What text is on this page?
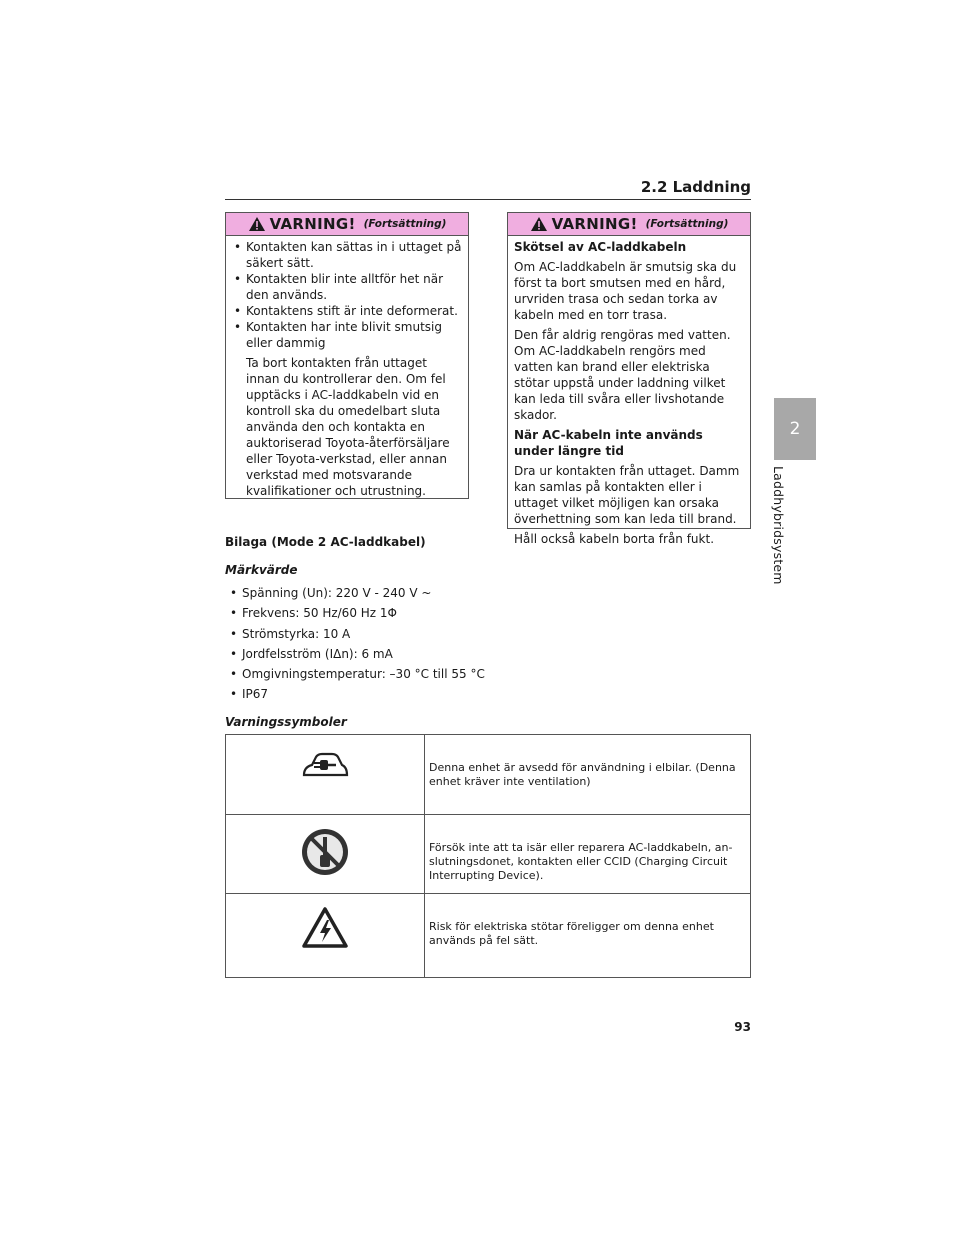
2.2 Laddning
2
Laddhybridsystem
VARNING! (Fortsättning)
• Kontakten kan sättas in i uttaget på säkert sätt.
• Kontakten blir inte alltför het när den används.
• Kontaktens stift är inte deformerat.
• Kontakten har inte blivit smutsig eller dammig
Ta bort kontakten från uttaget innan du kontrollerar den. Om fel upptäcks i AC-laddkabeln vid en kontroll ska du omedelbart sluta använda den och kontakta en auktoriserad Toyota-återförsäljare eller Toyota-verkstad, eller annan verkstad med motsvarande kvalifikationer och utrustning.
VARNING! (Fortsättning)
Skötsel av AC-laddkabeln
Om AC-laddkabeln är smutsig ska du först ta bort smutsen med en hård, urvriden trasa och sedan torka av kabeln med en torr trasa.
Den får aldrig rengöras med vatten. Om AC-laddkabeln rengörs med vatten kan brand eller elektriska stötar uppstå under laddning vilket kan leda till svåra eller livshotande skador.
När AC-kabeln inte används under längre tid
Dra ur kontakten från uttaget. Damm kan samlas på kontakten eller i uttaget vilket möjligen kan orsaka överhettning som kan leda till brand.
Håll också kabeln borta från fukt.
Bilaga (Mode 2 AC-laddkabel)
Märkvärde
• Spänning (Un): 220 V - 240 V ~
• Frekvens: 50 Hz/60 Hz 1Φ
• Strömstyrka: 10 A
• Jordfelsström (IΔn): 6 mA
• Omgivningstemperatur: –30 °C till 55 °C
• IP67
Varningssymboler
Denna enhet är avsedd för användning i elbilar. (Denna enhet kräver inte ventilation)
Försök inte att ta isär eller reparera AC-laddkabeln, an-slutningsdonet, kontakten eller CCID (Charging Circuit Interrupting Device).
Risk för elektriska stötar föreligger om denna enhet används på fel sätt.
93
